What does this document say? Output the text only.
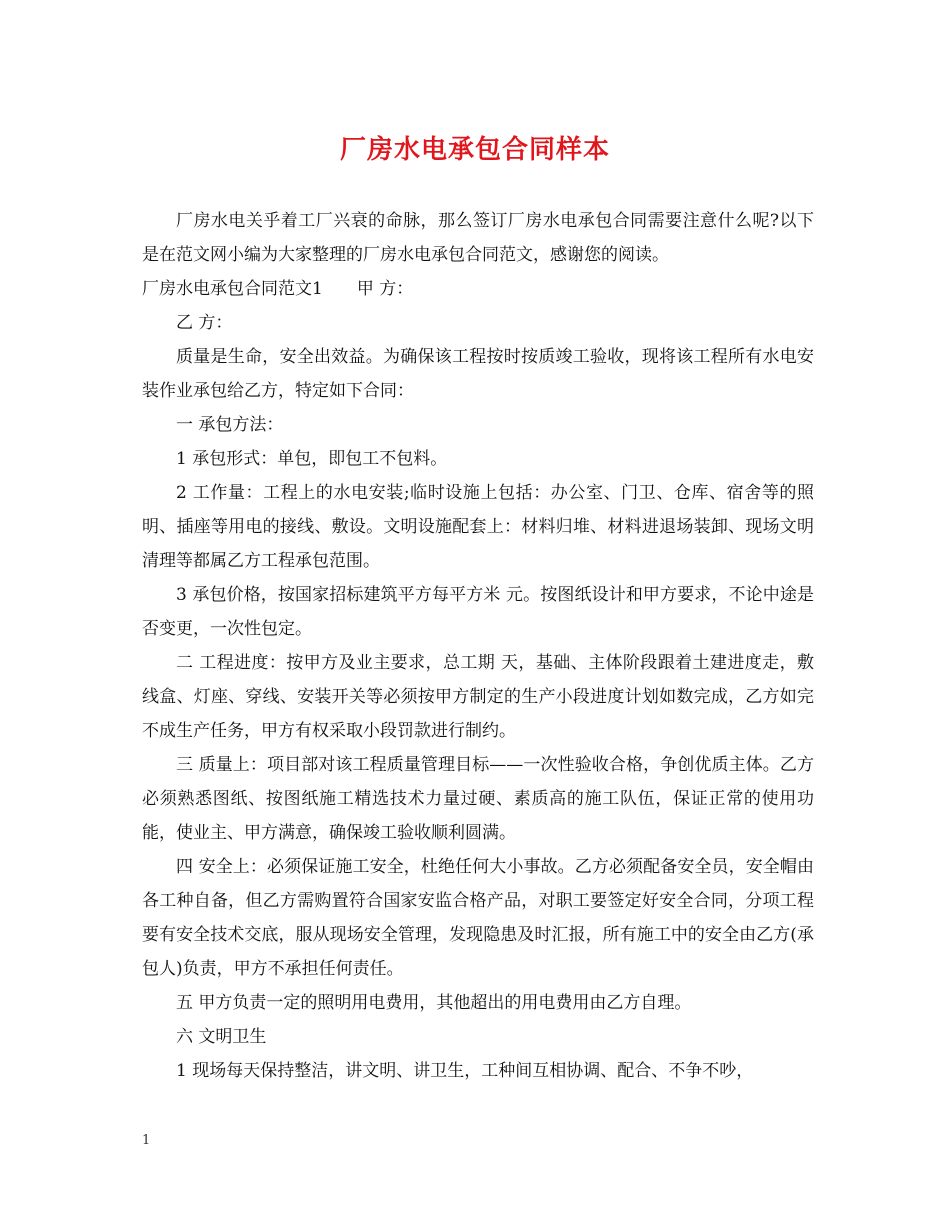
厂房水电承包合同样本

厂房水电关乎着工厂兴衰的命脉，那么签订厂房水电承包合同需要注意什么呢?以下是在范文网小编为大家整理的厂房水电承包合同范文，感谢您的阅读。

厂房水电承包合同范文1　　甲 方：

乙 方：

质量是生命，安全出效益。为确保该工程按时按质竣工验收，现将该工程所有水电安装作业承包给乙方，特定如下合同：

一 承包方法：

1 承包形式：单包，即包工不包料。

2 工作量：工程上的水电安装;临时设施上包括：办公室、门卫、仓库、宿舍等的照明、插座等用电的接线、敷设。文明设施配套上：材料归堆、材料进退场装卸、现场文明清理等都属乙方工程承包范围。

3 承包价格，按国家招标建筑平方每平方米 元。按图纸设计和甲方要求，不论中途是否变更，一次性包定。

二 工程进度：按甲方及业主要求，总工期 天，基础、主体阶段跟着土建进度走，敷线盒、灯座、穿线、安装开关等必须按甲方制定的生产小段进度计划如数完成，乙方如完不成生产任务，甲方有权采取小段罚款进行制约。

三 质量上：项目部对该工程质量管理目标——一次性验收合格，争创优质主体。乙方必须熟悉图纸、按图纸施工精选技术力量过硬、素质高的施工队伍，保证正常的使用功能，使业主、甲方满意，确保竣工验收顺利圆满。

四 安全上：必须保证施工安全，杜绝任何大小事故。乙方必须配备安全员，安全帽由各工种自备，但乙方需购置符合国家安监合格产品，对职工要签定好安全合同，分项工程要有安全技术交底，服从现场安全管理，发现隐患及时汇报，所有施工中的安全由乙方(承包人)负责，甲方不承担任何责任。

五 甲方负责一定的照明用电费用，其他超出的用电费用由乙方自理。

六 文明卫生

1 现场每天保持整洁，讲文明、讲卫生，工种间互相协调、配合、不争不吵，

1
